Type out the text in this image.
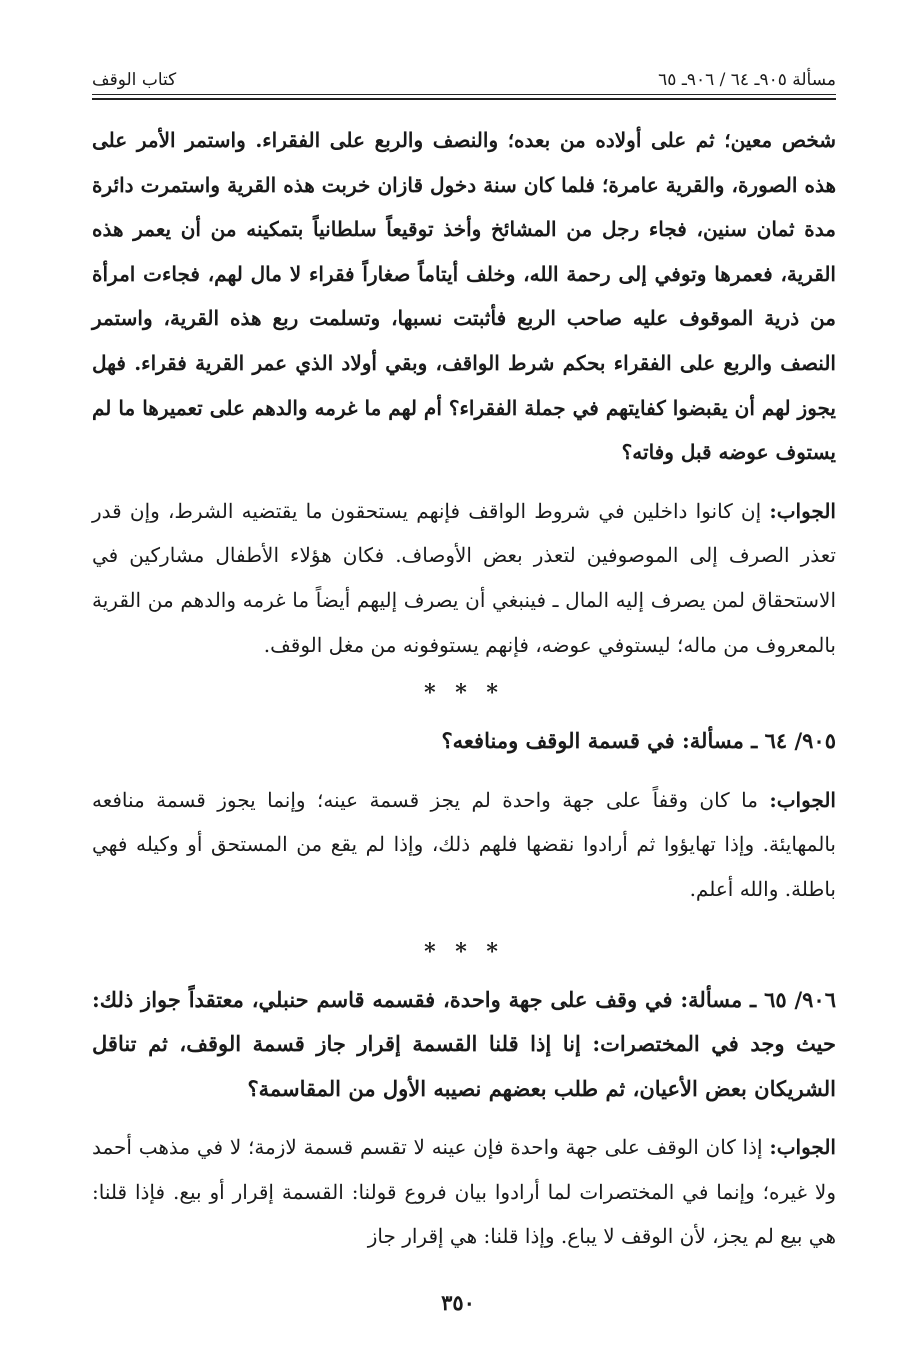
مسألة ٩٠٥ـ ٦٤ / ٩٠٦ـ ٦٥
كتاب الوقف

شخص معين؛ ثم على أولاده من بعده؛ والنصف والربع على الفقراء. واستمر الأمر على هذه الصورة، والقرية عامرة؛ فلما كان سنة دخول قازان خربت هذه القرية واستمرت دائرة مدة ثمان سنين، فجاء رجل من المشائخ وأخذ توقيعاً سلطانياً بتمكينه من أن يعمر هذه القرية، فعمرها وتوفي إلى رحمة الله، وخلف أيتاماً صغاراً فقراء لا مال لهم، فجاءت امرأة من ذرية الموقوف عليه صاحب الربع فأثبتت نسبها، وتسلمت ربع هذه القرية، واستمر النصف والربع على الفقراء بحكم شرط الواقف، وبقي أولاد الذي عمر القرية فقراء. فهل يجوز لهم أن يقبضوا كفايتهم في جملة الفقراء؟ أم لهم ما غرمه والدهم على تعميرها ما لم يستوف عوضه قبل وفاته؟

الجواب: إن كانوا داخلين في شروط الواقف فإنهم يستحقون ما يقتضيه الشرط، وإن قدر تعذر الصرف إلى الموصوفين لتعذر بعض الأوصاف. فكان هؤلاء الأطفال مشاركين في الاستحقاق لمن يصرف إليه المال ـ فينبغي أن يصرف إليهم أيضاً ما غرمه والدهم من القرية بالمعروف من ماله؛ ليستوفي عوضه، فإنهم يستوفونه من مغل الوقف.

* * *

٩٠٥/ ٦٤ ـ مسألة: في قسمة الوقف ومنافعه؟

الجواب: ما كان وقفاً على جهة واحدة لم يجز قسمة عينه؛ وإنما يجوز قسمة منافعه بالمهايئة. وإذا تهايؤوا ثم أرادوا نقضها فلهم ذلك، وإذا لم يقع من المستحق أو وكيله فهي باطلة. والله أعلم.

* * *

٩٠٦/ ٦٥ ـ مسألة: في وقف على جهة واحدة، فقسمه قاسم حنبلي، معتقداً جواز ذلك: حيث وجد في المختصرات: إنا إذا قلنا القسمة إقرار جاز قسمة الوقف، ثم تناقل الشريكان بعض الأعيان، ثم طلب بعضهم نصيبه الأول من المقاسمة؟

الجواب: إذا كان الوقف على جهة واحدة فإن عينه لا تقسم قسمة لازمة؛ لا في مذهب أحمد ولا غيره؛ وإنما في المختصرات لما أرادوا بيان فروع قولنا: القسمة إقرار أو بيع. فإذا قلنا: هي بيع لم يجز، لأن الوقف لا يباع. وإذا قلنا: هي إقرار جاز

٣٥٠
